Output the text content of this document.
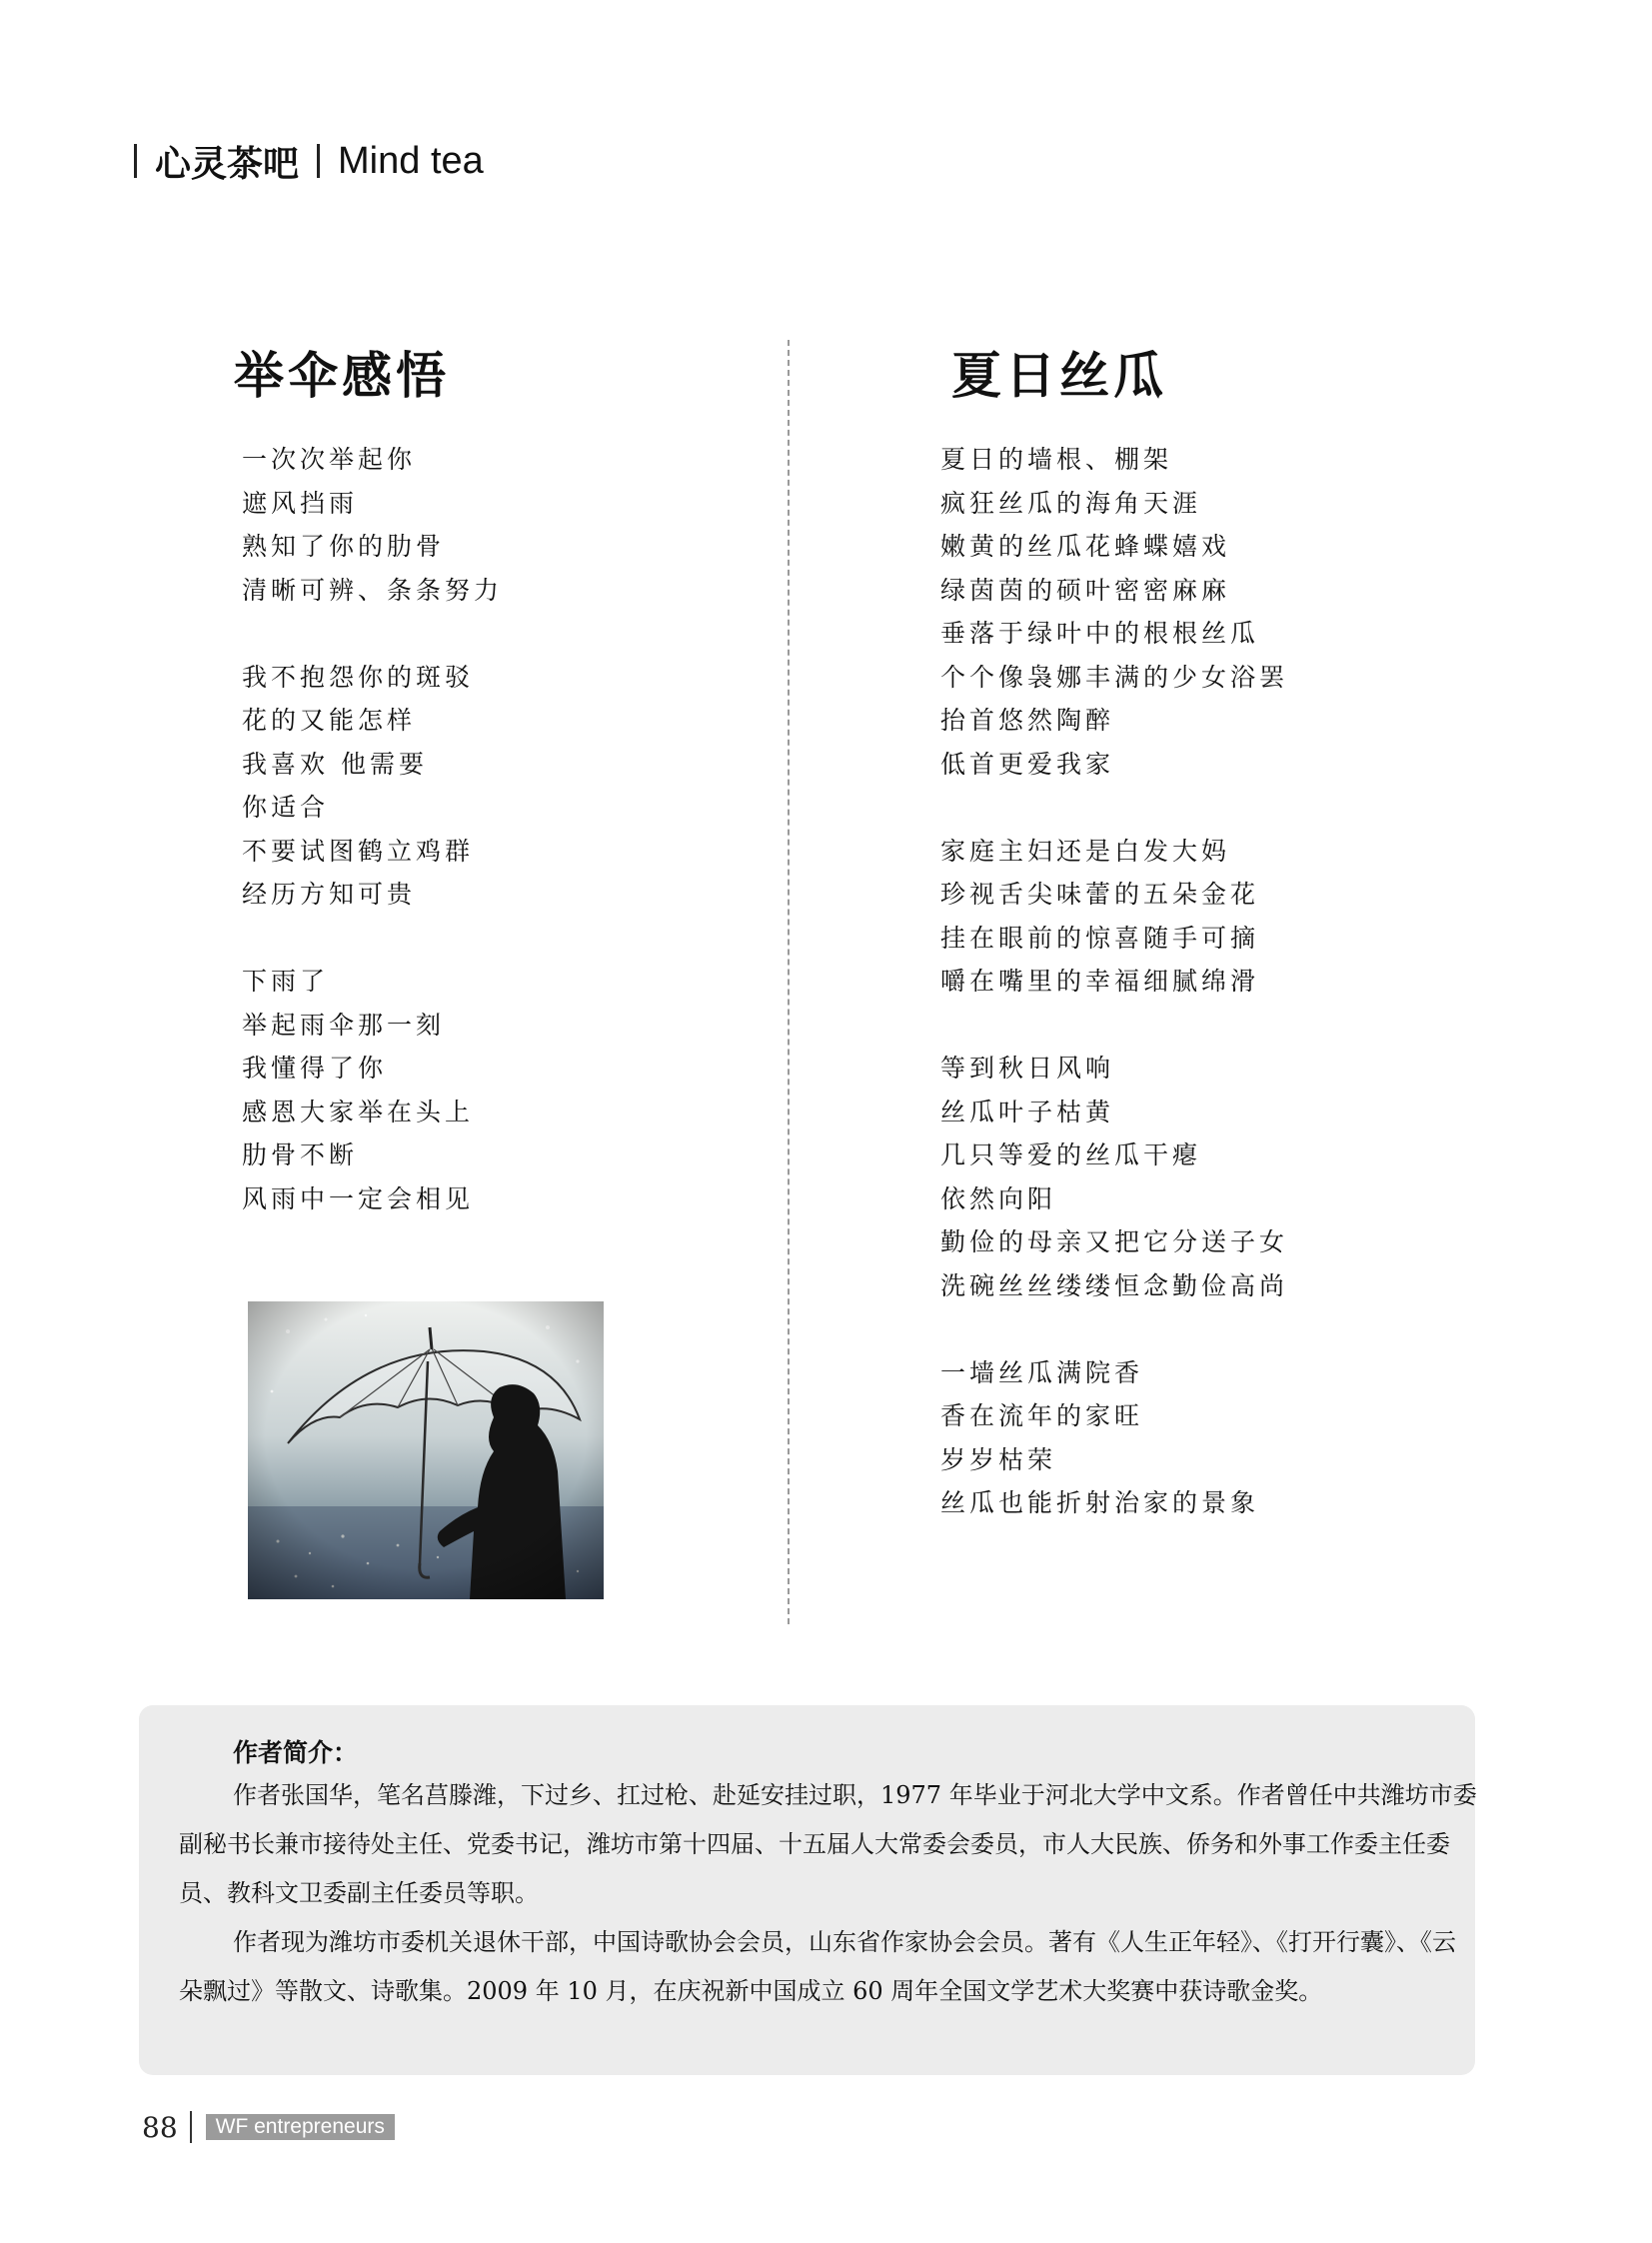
心灵茶吧 Mind tea
举伞感悟	夏日丝瓜
一次次举起你
遮风挡雨
熟知了你的肋骨
清晰可辨、条条努力
我不抱怨你的斑驳
花的又能怎样
我喜欢 他需要
你适合
不要试图鹤立鸡群
经历方知可贵
下雨了
举起雨伞那一刻
我懂得了你
感恩大家举在头上
肋骨不断
风雨中一定会相见
夏日的墙根、棚架
疯狂丝瓜的海角天涯
嫩黄的丝瓜花蜂蝶嬉戏
绿茵茵的硕叶密密麻麻
垂落于绿叶中的根根丝瓜
个个像袅娜丰满的少女浴罢
抬首悠然陶醉
低首更爱我家
家庭主妇还是白发大妈
珍视舌尖味蕾的五朵金花
挂在眼前的惊喜随手可摘
嚼在嘴里的幸福细腻绵滑
等到秋日风响
丝瓜叶子枯黄
几只等爱的丝瓜干瘪
依然向阳
勤俭的母亲又把它分送子女
洗碗丝丝缕缕恒念勤俭高尚
一墙丝瓜满院香
香在流年的家旺
岁岁枯荣
丝瓜也能折射治家的景象
作者简介：

作者张国华，笔名莒滕潍，下过乡、扛过枪、赴延安挂过职，1977 年毕业于河北大学中文系。作者曾任中共潍坊市委副秘书长兼市接待处主任、党委书记，潍坊市第十四届、十五届人大常委会委员，市人大民族、侨务和外事工作委主任委员、教科文卫委副主任委员等职。

作者现为潍坊市委机关退休干部，中国诗歌协会会员，山东省作家协会会员。著有《人生正年轻》、《打开行囊》、《云朵飘过》等散文、诗歌集。2009 年 10 月，在庆祝新中国成立 60 周年全国文学艺术大奖赛中获诗歌金奖。

88	WF entrepreneurs
